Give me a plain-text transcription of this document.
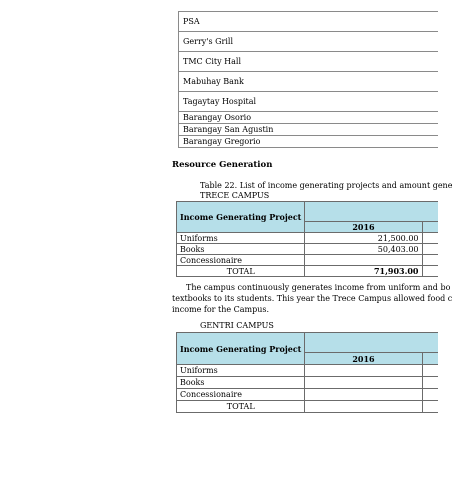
PSA
Gerry's Grill
TMC City Hall
Mabuhay Bank
Tagaytay Hospital
Barangay Osorio
Barangay San Agustin
Barangay Gregorio
Resource Generation
Table 22. List of income generating projects and amount gene
TRECE CAMPUS
Income Generating Project		
	2016	
Uniforms	21,500.00	
Books	50,403.00	
Concessionaire		
TOTAL	71,903.00	
The campus continuously generates income from uniform and bo
textbooks to its students. This year the Trece Campus allowed food c
income for the Campus.
GENTRI CAMPUS
Income Generating Project		
	2016	
Uniforms		
Books		
Concessionaire		
TOTAL		
